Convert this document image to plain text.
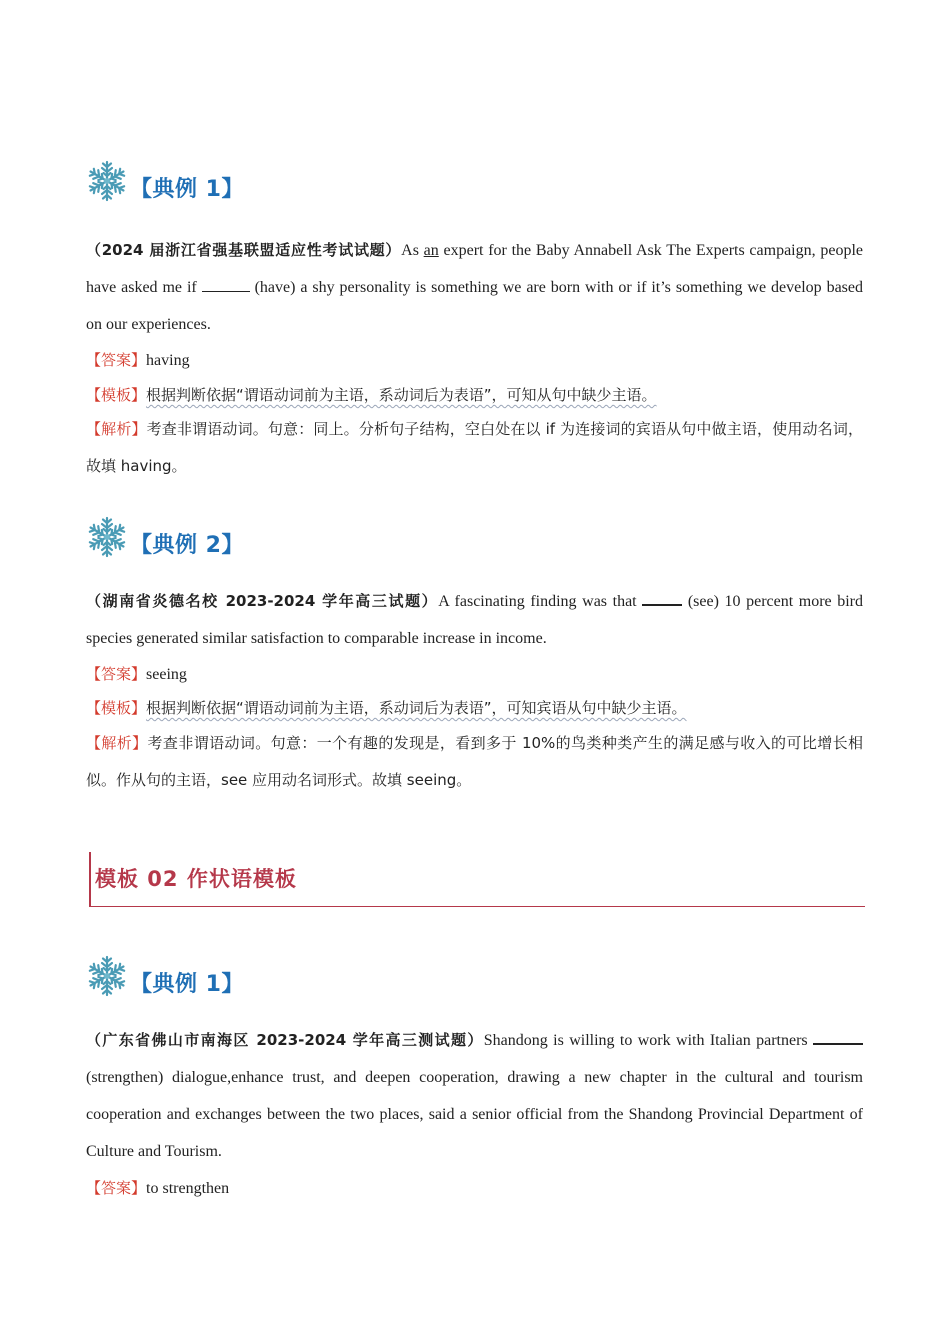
【典例 1】
（2024 届浙江省强基联盟适应性考试试题）As an expert for the Baby Annabell Ask The Experts campaign, people have asked me if	(have) a shy personality is something we are born with or if it’s something we develop based on our experiences.
【答案】having
【模板】根据判断依据“谓语动词前为主语，系动词后为表语”，可知从句中缺少主语。
【解析】考查非谓语动词。句意：同上。分析句子结构，空白处在以 if 为连接词的宾语从句中做主语，使用动名词，故填 having。
【典例 2】
（湖南省炎德名校 2023-2024 学年高三试题）A fascinating finding was that	(see) 10 percent more bird species generated similar satisfaction to comparable increase in income.
【答案】seeing
【模板】根据判断依据“谓语动词前为主语，系动词后为表语”，可知宾语从句中缺少主语。
【解析】考查非谓语动词。句意：一个有趣的发现是，看到多于 10%的鸟类种类产生的满足感与收入的可比增长相似。作从句的主语，see 应用动名词形式。故填 seeing。
模板 02 作状语模板
【典例 1】
（广东省佛山市南海区 2023-2024 学年高三测试题）Shandong is willing to work with Italian partners (strengthen) dialogue,enhance trust, and deepen cooperation, drawing a new chapter in the cultural and tourism cooperation and exchanges between the two places, said a senior official from the Shandong Provincial Department of Culture and Tourism.
【答案】to strengthen
